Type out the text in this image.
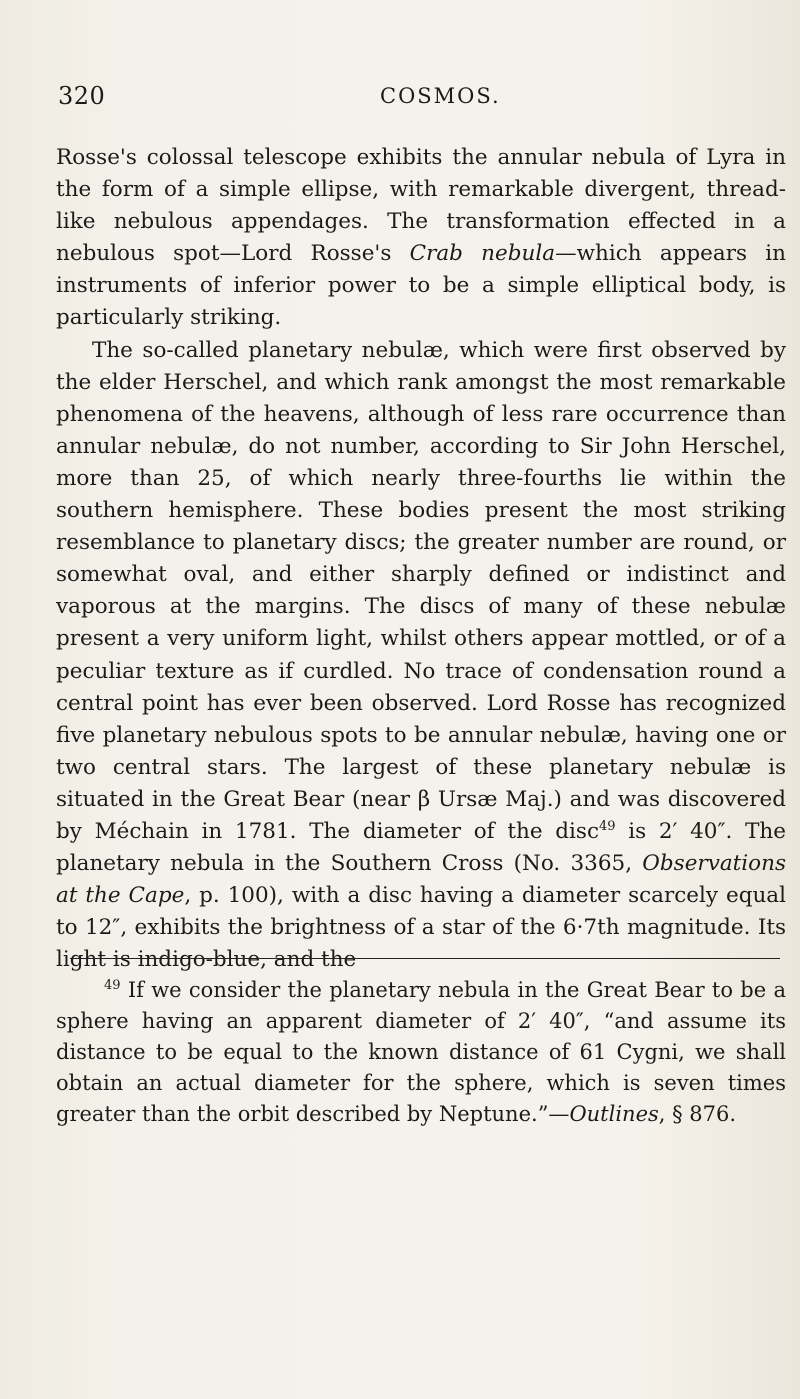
320	COSMOS.

Rosse's colossal telescope exhibits the annular nebula of Lyra in the form of a simple ellipse, with remarkable divergent, thread-like nebulous appendages. The transformation effected in a nebulous spot—Lord Rosse's Crab nebula—which appears in instruments of inferior power to be a simple elliptical body, is particularly striking.

The so-called planetary nebulæ, which were first observed by the elder Herschel, and which rank amongst the most remarkable phenomena of the heavens, although of less rare occurrence than annular nebulæ, do not number, according to Sir John Herschel, more than 25, of which nearly three-fourths lie within the southern hemisphere. These bodies present the most striking resemblance to planetary discs; the greater number are round, or somewhat oval, and either sharply defined or indistinct and vaporous at the margins. The discs of many of these nebulæ present a very uniform light, whilst others appear mottled, or of a peculiar texture as if curdled. No trace of condensation round a central point has ever been observed. Lord Rosse has recognized five planetary nebulous spots to be annular nebulæ, having one or two central stars. The largest of these planetary nebulæ is situated in the Great Bear (near β Ursæ Maj.) and was discovered by Méchain in 1781. The diameter of the disc$^{49}$ is 2′ 40″. The planetary nebula in the Southern Cross (No. 3365, Observations at the Cape, p. 100), with a disc having a diameter scarcely equal to 12″, exhibits the brightness of a star of the 6·7th magnitude. Its light is indigo-blue, and the

$^{49}$ If we consider the planetary nebula in the Great Bear to be a sphere having an apparent diameter of 2′ 40″, “and assume its distance to be equal to the known distance of 61 Cygni, we shall obtain an actual diameter for the sphere, which is seven times greater than the orbit described by Neptune.”—Outlines, § 876.
